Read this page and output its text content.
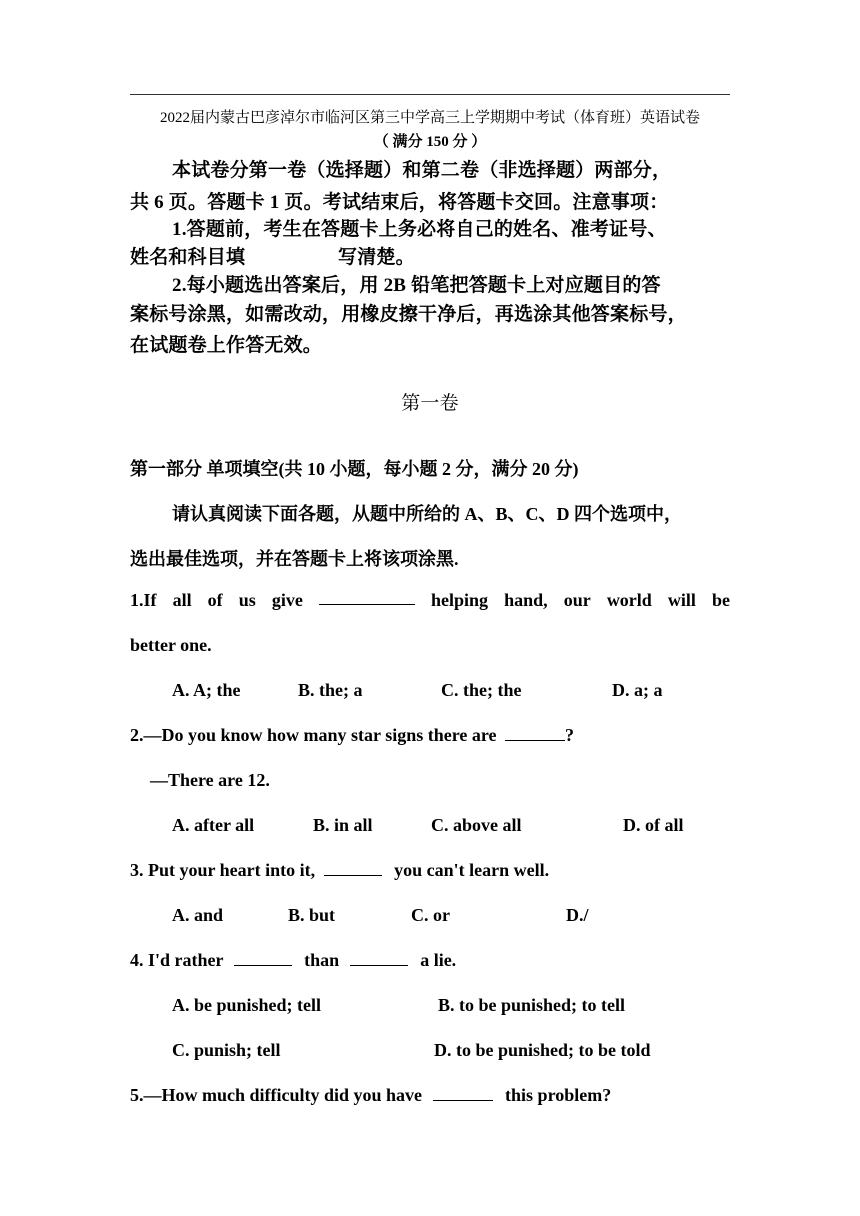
2022届内蒙古巴彦淖尔市临河区第三中学高三上学期期中考试（体育班）英语试卷
（ 满分 150 分 ）
本试卷分第一卷（选择题）和第二卷（非选择题）两部分，
共 6 页。答题卡 1 页。考试结束后，将答题卡交回。注意事项：
1.答题前，考生在答题卡上务必将自己的姓名、准考证号、
姓名和科目填	写清楚。
2.每小题选出答案后，用 2B 铅笔把答题卡上对应题目的答
案标号涂黑，如需改动，用橡皮擦干净后，再选涂其他答案标号，
在试题卷上作答无效。
第一卷
第一部分 单项填空(共 10 小题，每小题 2 分，满分 20 分)
请认真阅读下面各题，从题中所给的 A、B、C、D 四个选项中，
选出最佳选项，并在答题卡上将该项涂黑.
1.If all of us give	helping hand, our world will be
better one.
A. A; the	B. the; a	C. the; the	D. a; a
2.—Do you know how many star signs there are	?
—There are 12.
A. after all	B. in all	C. above all	D. of all
3. Put your heart into it,	you can't learn well.
A. and	B. but	C. or	D./
4. I'd rather	than	a lie.
A. be punished; tell	B. to be punished; to tell
C. punish; tell	D. to be punished; to be told
5.—How much difficulty did you have	this problem?
